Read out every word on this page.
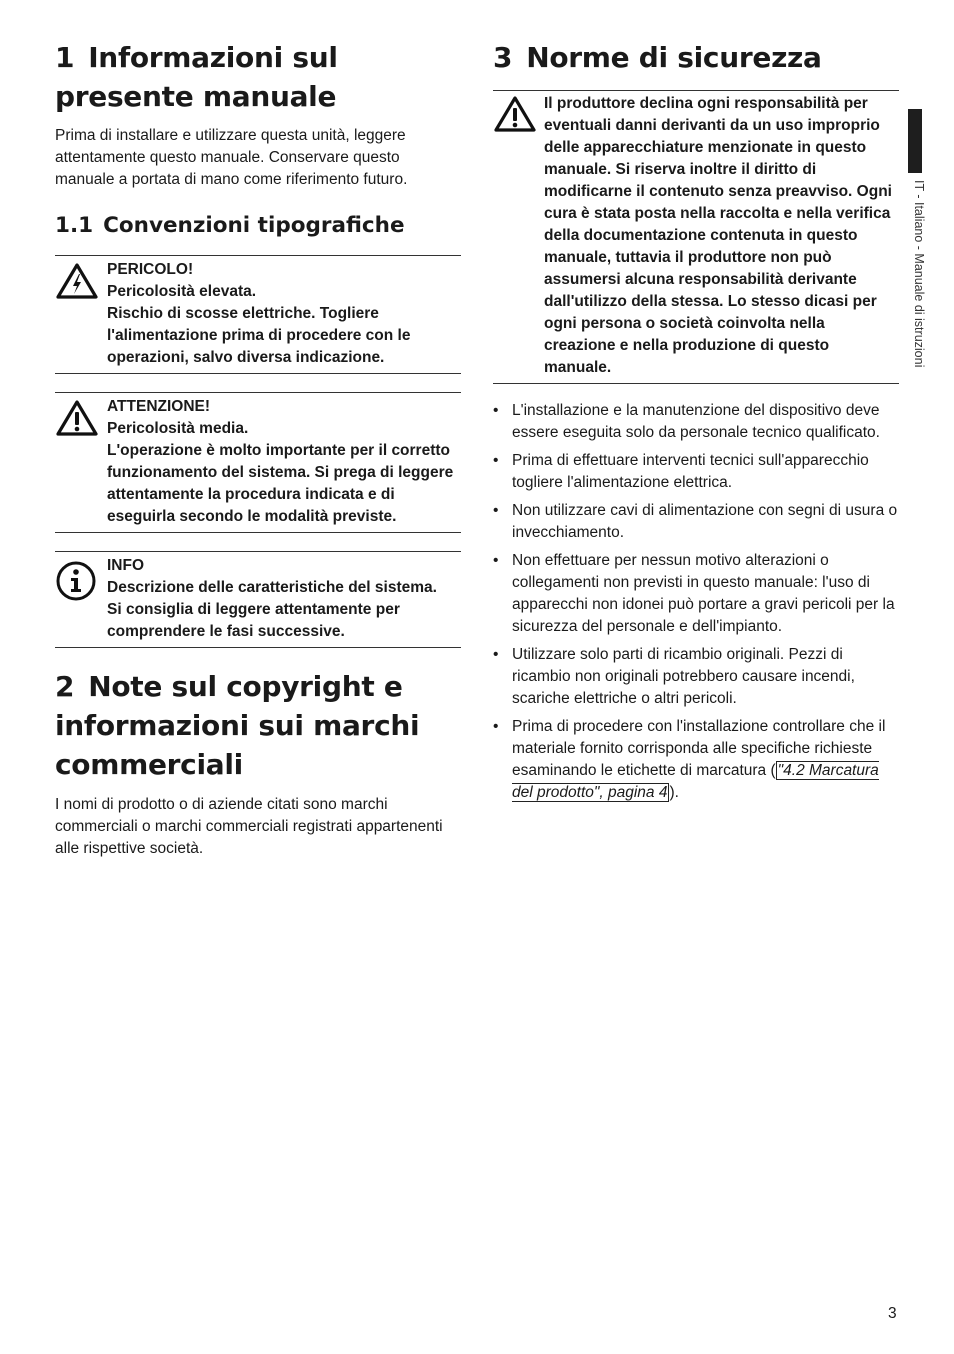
1 Informazioni sul presente manuale

Prima di installare e utilizzare questa unità, leggere attentamente questo manuale. Conservare questo manuale a portata di mano come riferimento futuro.

1.1 Convenzioni tipografiche
PERICOLO!
Pericolosità elevata.
Rischio di scosse elettriche. Togliere l'alimentazione prima di procedere con le operazioni, salvo diversa indicazione.
ATTENZIONE!
Pericolosità media.
L'operazione è molto importante per il corretto funzionamento del sistema. Si prega di leggere attentamente la procedura indicata e di eseguirla secondo le modalità previste.
INFO
Descrizione delle caratteristiche del sistema.
Si consiglia di leggere attentamente per comprendere le fasi successive.
2 Note sul copyright e informazioni sui marchi commerciali

I nomi di prodotto o di aziende citati sono marchi commerciali o marchi commerciali registrati appartenenti alle rispettive società.

3 Norme di sicurezza
Il produttore declina ogni responsabilità per eventuali danni derivanti da un uso improprio delle apparecchiature menzionate in questo manuale. Si riserva inoltre il diritto di modificarne il contenuto senza preavviso. Ogni cura è stata posta nella raccolta e nella verifica della documentazione contenuta in questo manuale, tuttavia il produttore non può assumersi alcuna responsabilità derivante dall'utilizzo della stessa. Lo stesso dicasi per ogni persona o società coinvolta nella creazione e nella produzione di questo manuale.
• L'installazione e la manutenzione del dispositivo deve essere eseguita solo da personale tecnico qualificato.
• Prima di effettuare interventi tecnici sull'apparecchio togliere l'alimentazione elettrica.
• Non utilizzare cavi di alimentazione con segni di usura o invecchiamento.
• Non effettuare per nessun motivo alterazioni o collegamenti non previsti in questo manuale: l'uso di apparecchi non idonei può portare a gravi pericoli per la sicurezza del personale e dell'impianto.
• Utilizzare solo parti di ricambio originali. Pezzi di ricambio non originali potrebbero causare incendi, scariche elettriche o altri pericoli.
• Prima di procedere con l'installazione controllare che il materiale fornito corrisponda alle specifiche richieste esaminando le etichette di marcatura ( "4.2 Marcatura del prodotto", pagina 4 ).
IT - Italiano - Manuale di istruzioni
3
